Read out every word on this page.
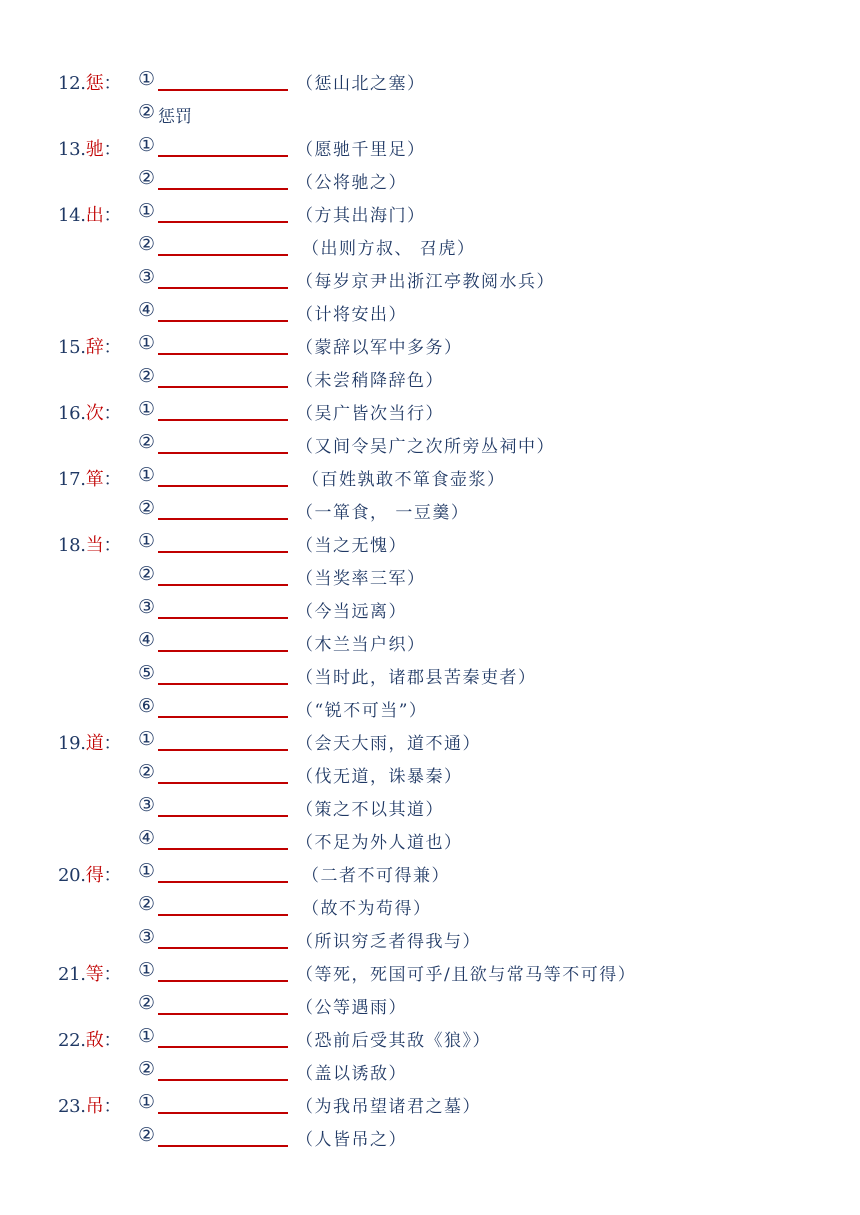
12.惩： ①	（惩山北之塞）
② 惩罚
13.驰： ①	（愿驰千里足）
②	（公将驰之）
14.出： ①	（方其出海门）
②	（出则方叔、 召虎）
③	（每岁京尹出浙江亭教阅水兵）
④	（计将安出）
15.辞： ①	（蒙辞以军中多务）
②	（未尝稍降辞色）
16.次： ①	（吴广皆次当行）
②	（又间令吴广之次所旁丛祠中）
17.箪： ①	（百姓孰敢不箪食壶浆）
②	（一箪食， 一豆羹）
18.当： ①	（当之无愧）
②	（当奖率三军）
③	（今当远离）
④	（木兰当户织）
⑤	（当时此，诸郡县苦秦吏者）
⑥	（“锐不可当”）
19.道： ①	（会天大雨，道不通）
②	（伐无道，诛暴秦）
③	（策之不以其道）
④	（不足为外人道也）
20.得： ①	（二者不可得兼）
②	（故不为苟得）
③	（所识穷乏者得我与）
21.等： ①	（等死，死国可乎/且欲与常马等不可得）
②	（公等遇雨）
22.敌： ①	（恐前后受其敌《狼》）
②	（盖以诱敌）
23.吊： ①	（为我吊望诸君之墓）
②	（人皆吊之）
